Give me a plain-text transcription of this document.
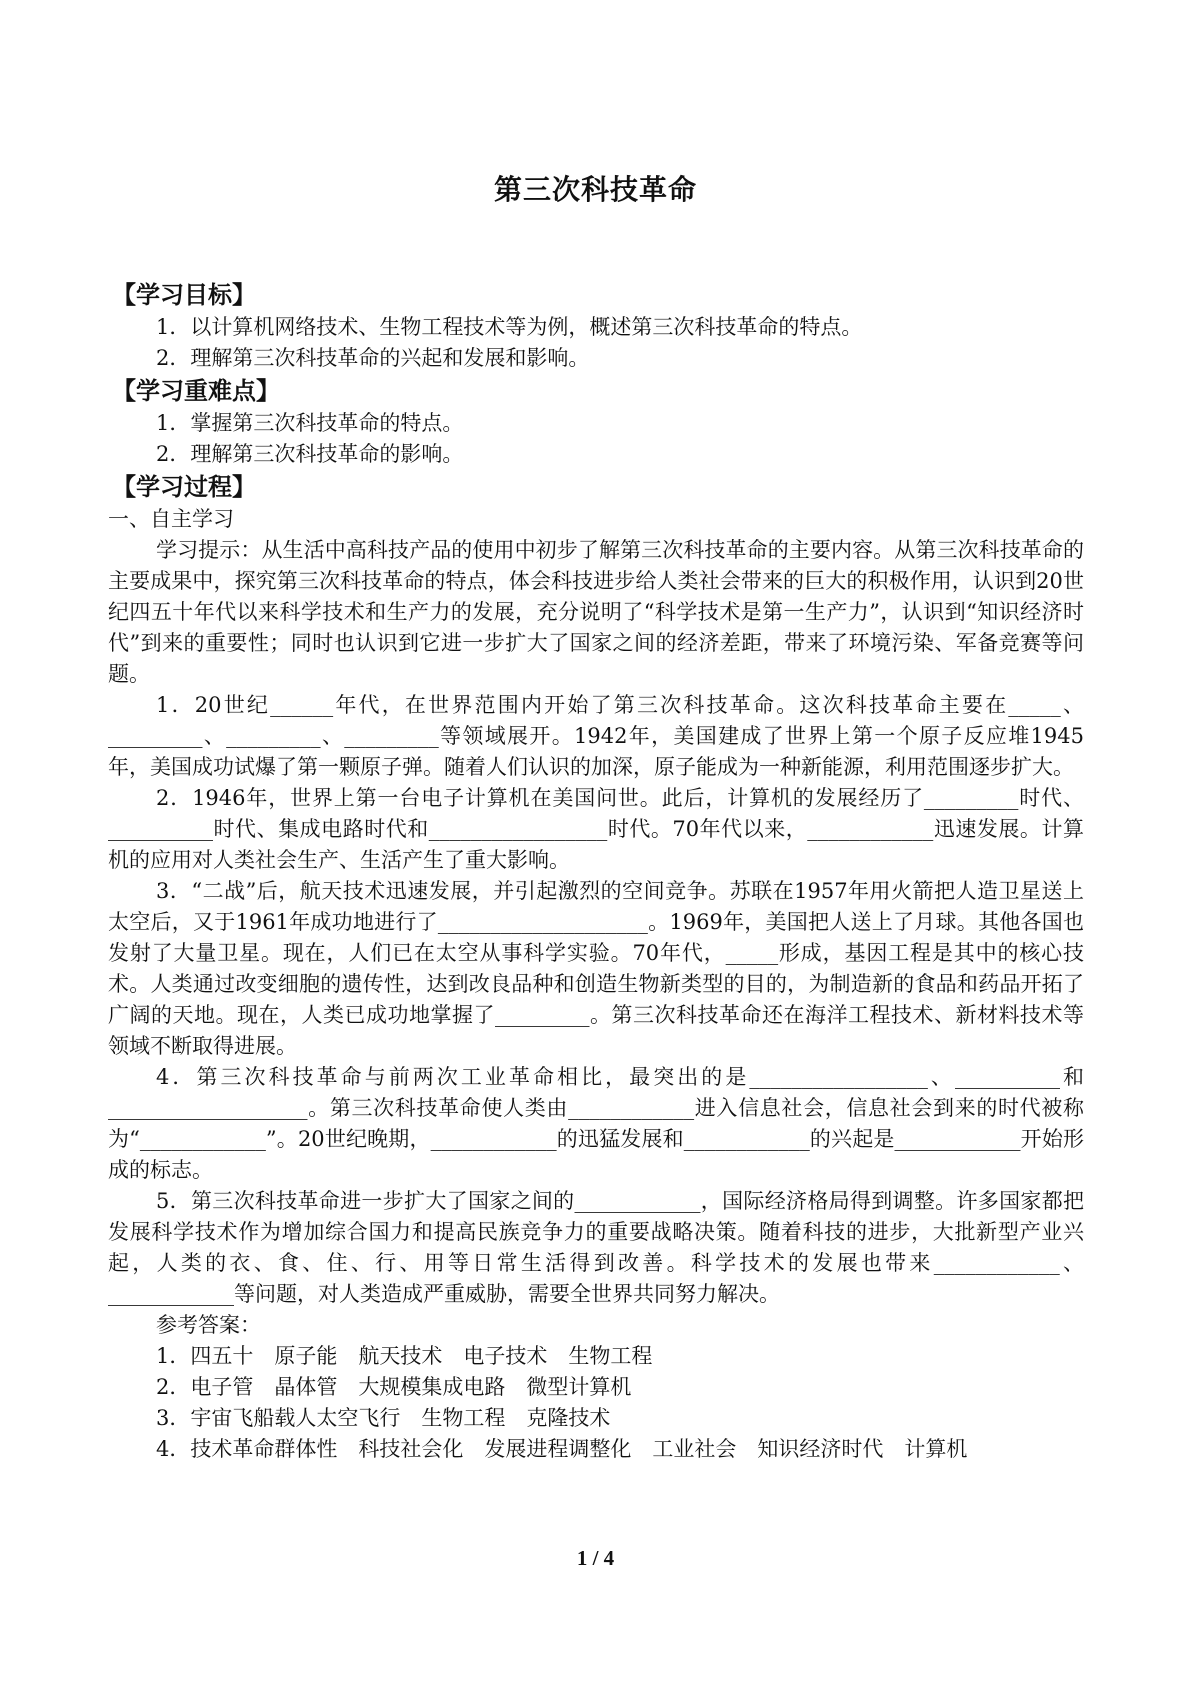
第三次科技革命
【学习目标】
1．以计算机网络技术、生物工程技术等为例，概述第三次科技革命的特点。
2．理解第三次科技革命的兴起和发展和影响。
【学习重难点】
1．掌握第三次科技革命的特点。
2．理解第三次科技革命的影响。
【学习过程】
一、自主学习
学习提示：从生活中高科技产品的使用中初步了解第三次科技革命的主要内容。从第三次科技革命的主要成果中，探究第三次科技革命的特点，体会科技进步给人类社会带来的巨大的积极作用，认识到20世纪四五十年代以来科学技术和生产力的发展，充分说明了“科学技术是第一生产力”，认识到“知识经济时代”到来的重要性；同时也认识到它进一步扩大了国家之间的经济差距，带来了环境污染、军备竞赛等问题。
1．20世纪______年代，在世界范围内开始了第三次科技革命。这次科技革命主要在_____、_________、_________、_________等领域展开。1942年，美国建成了世界上第一个原子反应堆1945年，美国成功试爆了第一颗原子弹。随着人们认识的加深，原子能成为一种新能源，利用范围逐步扩大。
2．1946年，世界上第一台电子计算机在美国问世。此后，计算机的发展经历了_________时代、__________时代、集成电路时代和_________________时代。70年代以来，____________迅速发展。计算机的应用对人类社会生产、生活产生了重大影响。
3．“二战”后，航天技术迅速发展，并引起激烈的空间竞争。苏联在1957年用火箭把人造卫星送上太空后，又于1961年成功地进行了____________________。1969年，美国把人送上了月球。其他各国也发射了大量卫星。现在，人们已在太空从事科学实验。70年代，_____形成，基因工程是其中的核心技术。人类通过改变细胞的遗传性，达到改良品种和创造生物新类型的目的，为制造新的食品和药品开拓了广阔的天地。现在，人类已成功地掌握了_________。第三次科技革命还在海洋工程技术、新材料技术等领域不断取得进展。
4．第三次科技革命与前两次工业革命相比，最突出的是_________________、__________和___________________。第三次科技革命使人类由____________进入信息社会，信息社会到来的时代被称为“____________”。20世纪晚期，____________的迅猛发展和____________的兴起是____________开始形成的标志。
5．第三次科技革命进一步扩大了国家之间的____________，国际经济格局得到调整。许多国家都把发展科学技术作为增加综合国力和提高民族竞争力的重要战略决策。随着科技的进步，大批新型产业兴起，人类的衣、食、住、行、用等日常生活得到改善。科学技术的发展也带来____________、____________等问题，对人类造成严重威胁，需要全世界共同努力解决。
参考答案：
1．四五十　原子能　航天技术　电子技术　生物工程
2．电子管　晶体管　大规模集成电路　微型计算机
3．宇宙飞船载人太空飞行　生物工程　克隆技术
4．技术革命群体性　科技社会化　发展进程调整化　工业社会　知识经济时代　计算机
1 / 4
